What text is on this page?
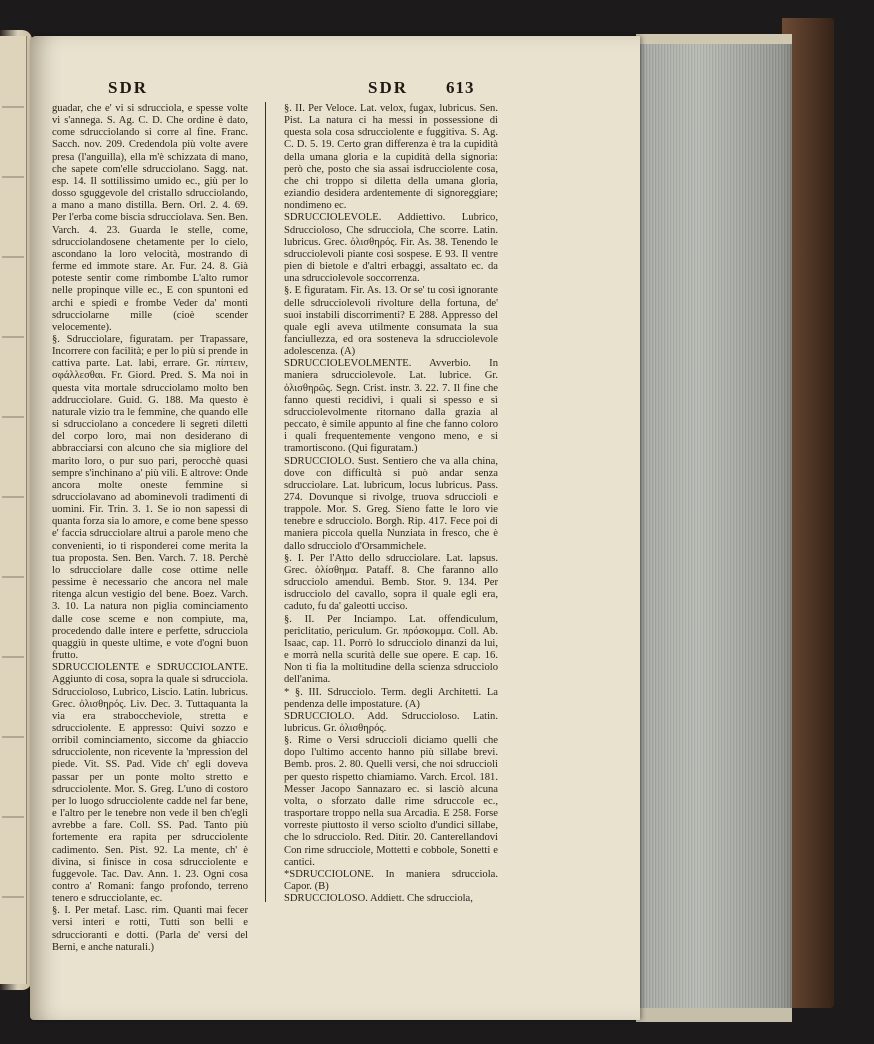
SDR	SDR 613

guadar, che e' vi si sdrucciola, e spesse volte vi s'annega. S. Ag. C. D. Che ordine è dato, come sdrucciolando si corre al fine. Franc. Sacch. nov. 209. Credendola più volte avere presa (l'anguilla), ella m'è schizzata di mano, che sapete com'elle sdrucciolano. Sagg. nat. esp. 14. Il sottilissimo umido ec., giù per lo dosso sguggevole del cristallo sdrucciolando, a mano a mano distilla. Bern. Orl. 2. 4. 69. Per l'erba come biscia sdrucciolava. Sen. Ben. Varch. 4. 23. Guarda le stelle, come, sdrucciolandosene chetamente per lo cielo, ascondano la loro velocità, mostrando di ferme ed immote stare. Ar. Fur. 24. 8. Già poteste sentir come rimbombe L'alto rumor nelle propinque ville ec., E con spuntoni ed archi e spiedi e frombe Veder da' monti sdrucciolarne mille (cioè scender velocemente).

§. Sdrucciolare, figuratam. per Trapassare, Incorrere con facilità; e per lo più si prende in cattiva parte. Lat. labi, errare. Gr. πίπτειν, σφάλλεσθαι. Fr. Giord. Pred. S. Ma noi in questa vita mortale sdrucciolamo molto ben addrucciolare. Guid. G. 188. Ma questo è naturale vizio tra le femmine, che quando elle si sdrucciolano a concedere li segreti diletti del corpo loro, mai non desiderano di abbracciarsi con alcuno che sia migliore del marito loro, o pur suo pari, perocchè quasi sempre s'inchinano a' più vili. E altrove: Onde ancora molte oneste femmine si sdrucciolavano ad abominevoli tradimenti di uomini. Fir. Trin. 3. 1. Se io non sapessi di quanta forza sia lo amore, e come bene spesso e' faccia sdrucciolare altrui a parole meno che convenienti, io ti risponderei come merita la tua proposta. Sen. Ben. Varch. 7. 18. Perchè lo sdrucciolare dalle cose ottime nelle pessime è necessario che ancora nel male ritenga alcun vestigio del bene. Boez. Varch. 3. 10. La natura non piglia cominciamento dalle cose sceme e non compiute, ma, procedendo dalle intere e perfette, sdrucciola quaggiù in queste ultime, e vote d'ogni buon frutto.

SDRUCCIOLENTE e SDRUCCIOLANTE. Aggiunto di cosa, sopra la quale si sdrucciola. Sdrucciolosо, Lubrico, Liscio. Latin. lubricus. Grec. ὀλισθηρός. Liv. Dec. 3. Tuttaquanta la via era straboccheviole, stretta e sdrucciolente. E appresso: Quivi sozzo e orribil cominciamento, siccome da ghiaccio sdrucciolente, non ricevente la 'mpression del piede. Vit. SS. Pad. Vide ch' egli doveva passar per un ponte molto stretto e sdrucciolente. Mor. S. Greg. L'uno di costoro per lo luogo sdrucciolente cadde nel far bene, e l'altro per le tenebre non vede il ben ch'egli avrebbe a fare. Coll. SS. Pad. Tanto più fortemente era rapita per sdrucciolente cadimento. Sen. Pist. 92. La mente, ch' è divina, si finisce in cosa sdrucciolente e fuggevole. Tac. Dav. Ann. 1. 23. Ogni cosa contro a' Romani: fango profondo, terreno tenero e sdrucciolante, ec.

§. I. Per metaf. Lasc. rim. Quanti mai fecer versi interi e rotti, Tutti son belli e sdruccioranti e dotti. (Parla de' versi del Berni, e anche naturali.)

§. II. Per Veloce. Lat. velox, fugax, lubricus. Sen. Pist. La natura ci ha messi in possessione di questa sola cosa sdrucciolente e fuggitiva. S. Ag. C. D. 5. 19. Certo gran differenza è tra la cupidità della umana gloria e la cupidità della signoria: però che, posto che sia assai isdrucciolente cosa, che chi troppo si diletta della umana gloria, eziandio desidera ardentemente di signoreggiare; nondimeno ec.

SDRUCCIOLEVOLE. Addiettivo. Lubrico, Sdrucciolosо, Che sdrucciola, Che scorre. Latin. lubricus. Grec. ὀλισθηρός. Fir. As. 38. Tenendo le sdrucciolevoli piante così sospese. E 93. Il ventre pien di bietole e d'altri erbaggi, assaltato ec. da una sdrucciolevole soccorrenza.

§. E figuratam. Fir. As. 13. Or se' tu così ignorante delle sdrucciolevoli rivolture della fortuna, de' suoi instabili discorrimenti? E 288. Appresso del quale egli aveva utilmente consumata la sua fanciullezza, ed ora sosteneva la sdrucciolevole adolescenza. (A)

SDRUCCIOLEVOLMENTE. Avverbio. In maniera sdrucciolevole. Lat. lubrice. Gr. ὀλισθηρῶς. Segn. Crist. instr. 3. 22. 7. Il fine che fanno questi recidivi, i quali sì spesso e sì sdrucciolevolmente ritornano dalla grazia al peccato, è simile appunto al fine che fanno coloro i quali frequentemente vengono meno, e si tramortiscono. (Qui figuratam.)

SDRUCCIOLO. Sust. Sentiero che va alla china, dove con difficultà si può andar senza sdrucciolare. Lat. lubricum, locus lubricus. Pass. 274. Dovunque si rivolge, truova sdruccioli e trappole. Mor. S. Greg. Sieno fatte le loro vie tenebre e sdrucciolo. Borgh. Rip. 417. Fece poi di maniera piccola quella Nunziata in fresco, che è dallo sdrucciolo d'Orsammichele.

§. I. Per l'Atto dello sdrucciolare. Lat. lapsus. Grec. ὀλίσθημα. Pataff. 8. Che faranno allo sdrucciolo amendui. Bemb. Stor. 9. 134. Per isdrucciolo del cavallo, sopra il quale egli era, caduto, fu da' galeotti ucciso.

§. II. Per Inciampo. Lat. offendiculum, periclitatio, periculum. Gr. πρόσκομμα. Coll. Ab. Isaac, cap. 11. Porrò lo sdrucciolo dinanzi da lui, e morrà nella scurità delle sue opere. E cap. 16. Non ti fia la moltitudine della scienza sdrucciolo dell'anima.

* §. III. Sdrucciolo. Term. degli Architetti. La pendenza delle impostature. (A)

SDRUCCIOLO. Add. Sdrucciolosо. Latin. lubricus. Gr. ὀλισθηρός.

§. Rime o Versi sdruccioli diciamo quelli che dopo l'ultimo accento hanno più sillabe brevi. Bemb. pros. 2. 80. Quelli versi, che noi sdruccioli per questo rispetto chiamiamo. Varch. Ercol. 181. Messer Jacopo Sannazaro ec. si lasciò alcuna volta, o sforzato dalle rime sdruccole ec., trasportare troppo nella sua Arcadia. E 258. Forse vorreste piuttosto il verso sciolto d'undici sillabe, che lo sdrucciolo. Red. Ditir. 20. Canterellandovi Con rime sdrucciole, Mottetti e cobbole, Sonetti e cantici.

*SDRUCCIOLONE. In maniera sdrucciola. Capor. (B)

SDRUCCIOLOSO. Addiett. Che sdrucciola,
